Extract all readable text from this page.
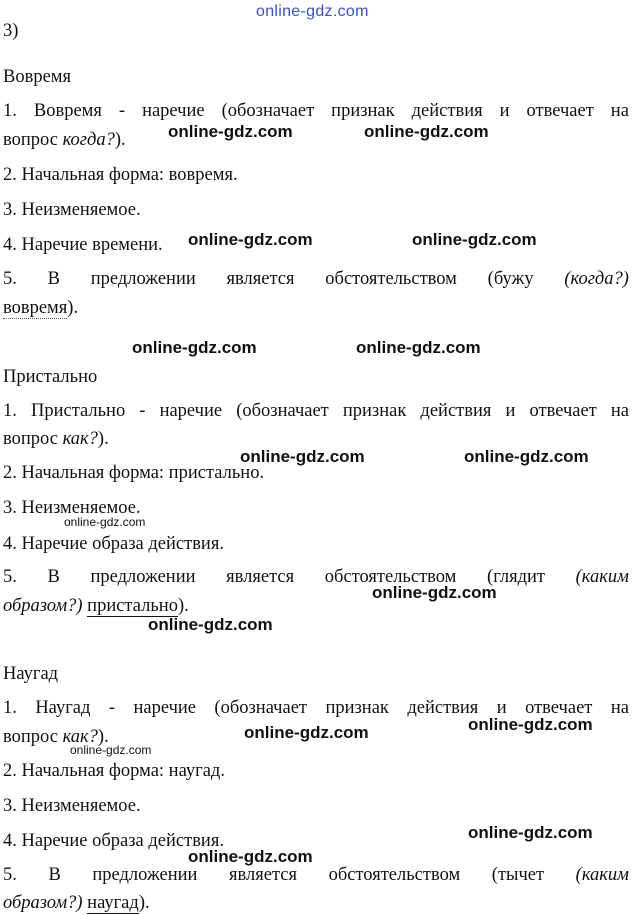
online-gdz.com

3)

Вовремя

1. Вовремя - наречие (обозначает признак действия и отвечает на

вопрос когда?).

2. Начальная форма: вовремя.

3. Неизменяемое.

4. Наречие времени.

5. В предложении является обстоятельством (бужу (когда?)

вовремя).

Пристально

1. Пристально - наречие (обозначает признак действия и отвечает на

вопрос как?).

2. Начальная форма: пристально.

3. Неизменяемое.

4. Наречие образа действия.

5. В предложении является обстоятельством (глядит (каким

образом?) пристально).

Наугад

1. Наугад - наречие (обозначает признак действия и отвечает на

вопрос как?).

2. Начальная форма: наугад.

3. Неизменяемое.

4. Наречие образа действия.

5. В предложении является обстоятельством (тычет (каким

образом?) наугад).

online-gdz.com	online-gdz.com
online-gdz.com	online-gdz.com
online-gdz.com	online-gdz.com
online-gdz.com	online-gdz.com
online-gdz.com
online-gdz.com
online-gdz.com
online-gdz.com
online-gdz.com
online-gdz.com
online-gdz.com
online-gdz.com
